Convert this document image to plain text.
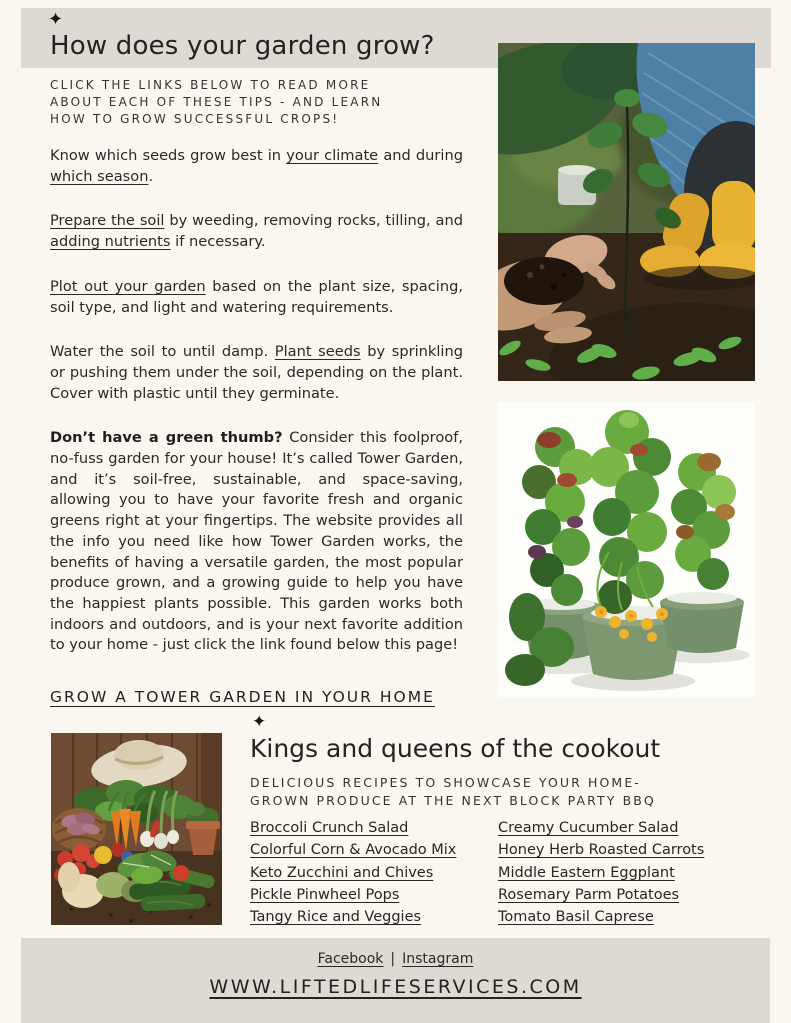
✦
How does your garden grow?
CLICK THE LINKS BELOW TO READ MORE
ABOUT EACH OF THESE TIPS - AND LEARN
HOW TO GROW SUCCESSFUL CROPS!

Know which seeds grow best in your climate and during which season.

Prepare the soil by weeding, removing rocks, tilling, and adding nutrients if necessary.

Plot out your garden based on the plant size, spacing, soil type, and light and watering requirements.

Water the soil to until damp. Plant seeds by sprinkling or pushing them under the soil, depending on the plant. Cover with plastic until they germinate.

Don’t have a green thumb? Consider this foolproof, no-fuss garden for your house! It’s called Tower Garden, and it’s soil-free, sustainable, and space-saving, allowing you to have your favorite fresh and organic greens right at your fingertips. The website provides all the info you need like how Tower Garden works, the benefits of having a versatile garden, the most popular produce grown, and a growing guide to help you have the happiest plants possible. This garden works both indoors and outdoors, and is your next favorite addition to your home - just click the link found below this page!

GROW A TOWER GARDEN IN YOUR HOME
✦
Kings and queens of the cookout
DELICIOUS RECIPES TO SHOWCASE YOUR HOME-
GROWN PRODUCE AT THE NEXT BLOCK PARTY BBQ
Broccoli Crunch Salad
Colorful Corn & Avocado Mix
Keto Zucchini and Chives
Pickle Pinwheel Pops
Tangy Rice and Veggies
Creamy Cucumber Salad
Honey Herb Roasted Carrots
Middle Eastern Eggplant
Rosemary Parm Potatoes
Tomato Basil Caprese
Facebook | Instagram
WWW.LIFTEDLIFESERVICES.COM
